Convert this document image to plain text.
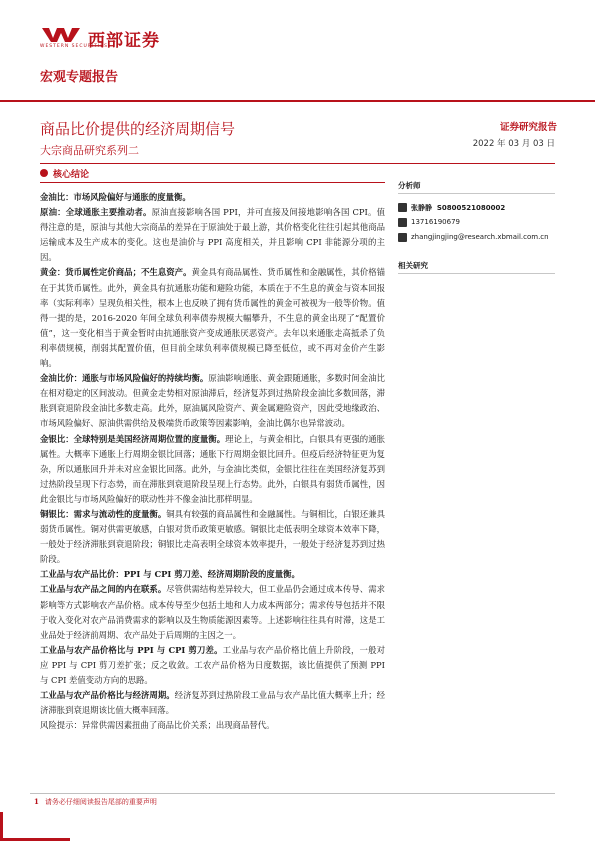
西部证券
WESTERN SECURITIES
宏观专题报告
商品比价提供的经济周期信号
大宗商品研究系列二
证券研究报告
2022 年 03 月 03 日
核心结论

金油比：市场风险偏好与通胀的度量衡。

原油：全球通胀主要推动者。原油直接影响各国 PPI，并可直接及间接地影响各国 CPI。值得注意的是，原油与其他大宗商品的差异在于原油处于最上游，其价格变化往往引起其他商品运输成本及生产成本的变化。这也是油价与 PPI 高度相关，并且影响 CPI 非能源分项的主因。

黄金：货币属性定价商品；不生息资产。黄金具有商品属性、货币属性和金融属性，其价格锚在于其货币属性。此外，黄金具有抗通胀功能和避险功能，本质在于不生息的黄金与资本回报率（实际利率）呈现负相关性，根本上也反映了拥有货币属性的黄金可被视为一般等价物。值得一提的是，2016-2020 年间全球负利率债券规模大幅攀升，不生息的黄金出现了“配置价值”，这一变化相当于黄金暂时由抗通胀资产变成通胀厌恶资产。去年以来通胀走高抵杀了负利率债规模，削弱其配置价值，但目前全球负利率债规模已降至低位，或不再对金价产生影响。

金油比价：通胀与市场风险偏好的持续均衡。原油影响通胀、黄金跟随通胀，多数时间金油比在相对稳定的区间波动。但黄金走势相对原油滞后，经济复苏到过热阶段金油比多数回落，滞胀到衰退阶段金油比多数走高。此外，原油属风险资产、黄金属避险资产，因此受地缘政治、市场风险偏好、原油供需供给及极端货币政策等因素影响，金油比偶尔也异常波动。

金银比：全球特别是美国经济周期位置的度量衡。理论上，与黄金相比，白银具有更强的通胀属性。大概率下通胀上行周期金银比回落；通胀下行周期金银比回升。但疫后经济特征更为复杂，所以通胀回升并未对应金银比回落。此外，与金油比类似，金银比往往在美国经济复苏到过热阶段呈现下行态势，而在滞胀到衰退阶段呈现上行态势。此外，白银具有弱货币属性，因此金银比与市场风险偏好的联动性并不像金油比那样明显。

铜银比：需求与流动性的度量衡。铜具有较强的商品属性和金融属性。与铜相比，白银还兼具弱货币属性。铜对供需更敏感，白银对货币政策更敏感。铜银比走低表明全球资本效率下降，一般处于经济滞胀到衰退阶段；铜银比走高表明全球资本效率提升，一般处于经济复苏到过热阶段。

工业品与农产品比价：PPI 与 CPI 剪刀差、经济周期阶段的度量衡。

工业品与农产品之间的内在联系。尽管供需结构差异较大，但工业品仍会通过成本传导、需求影响等方式影响农产品价格。成本传导至少包括土地和人力成本两部分；需求传导包括并不限于收入变化对农产品消费需求的影响以及生物质能源因素等。上述影响往往具有时滞，这是工业品处于经济前周期、农产品处于后周期的主因之一。

工业品与农产品价格比与 PPI 与 CPI 剪刀差。工业品与农产品价格比值上升阶段，一般对应 PPI 与 CPI 剪刀差扩张；反之收敛。工农产品价格为日度数据，该比值提供了预测 PPI 与 CPI 差值变动方向的思路。

工业品与农产品价格比与经济周期。经济复苏到过热阶段工业品与农产品比值大概率上升；经济滞胀到衰退期该比值大概率回落。

风险提示：异常供需因素扭曲了商品比价关系；出现商品替代。

分析师
张静静 S0800521080002
13716190679
zhangjingjing@research.xbmail.com.cn
相关研究
1 请务必仔细阅读报告尾部的重要声明
